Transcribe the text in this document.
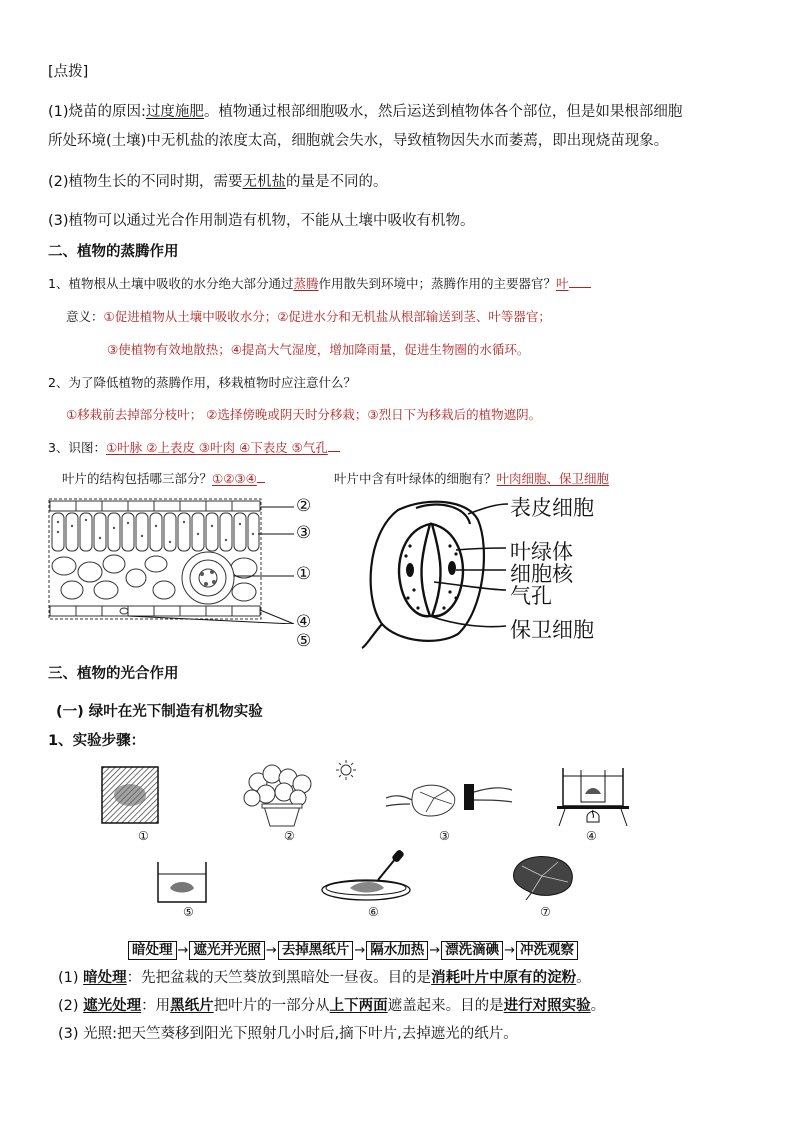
[点拨]
(1)烧苗的原因:过度施肥。植物通过根部细胞吸水，然后运送到植物体各个部位，但是如果根部细胞
所处环境(土壤)中无机盐的浓度太高，细胞就会失水，导致植物因失水而萎蔫，即出现烧苗现象。
(2)植物生长的不同时期，需要无机盐的量是不同的。
(3)植物可以通过光合作用制造有机物，不能从土壤中吸收有机物。
二、植物的蒸腾作用
1、植物根从土壤中吸收的水分绝大部分通过蒸腾作用散失到环境中；蒸腾作用的主要器官？叶
意义：①促进植物从土壤中吸收水分；②促进水分和无机盐从根部输送到茎、叶等器官；
③使植物有效地散热；④提高大气湿度，增加降雨量，促进生物圈的水循环。
2、为了降低植物的蒸腾作用，移栽植物时应注意什么？
①移栽前去掉部分枝叶； ②选择傍晚或阴天时分移栽；③烈日下为移栽后的植物遮阴。
3、识图：①叶脉 ②上表皮 ③叶肉 ④下表皮 ⑤气孔
叶片的结构包括哪三部分？①②③④	叶片中含有叶绿体的细胞有？叶肉细胞、保卫细胞
②
③
①
④
⑤
表皮细胞
叶绿体
细胞核
气孔
保卫细胞
三、植物的光合作用
(一) 绿叶在光下制造有机物实验
1、实验步骤：
①	②	③	④
⑤	⑥	⑦
暗处理 → 遮光并光照 → 去掉黑纸片 → 隔水加热 → 漂洗滴碘 → 冲洗观察
(1) 暗处理：先把盆栽的天竺葵放到黑暗处一昼夜。目的是消耗叶片中原有的淀粉。
(2) 遮光处理：用黑纸片把叶片的一部分从上下两面遮盖起来。目的是进行对照实验。
(3) 光照:把天竺葵移到阳光下照射几小时后,摘下叶片,去掉遮光的纸片。
